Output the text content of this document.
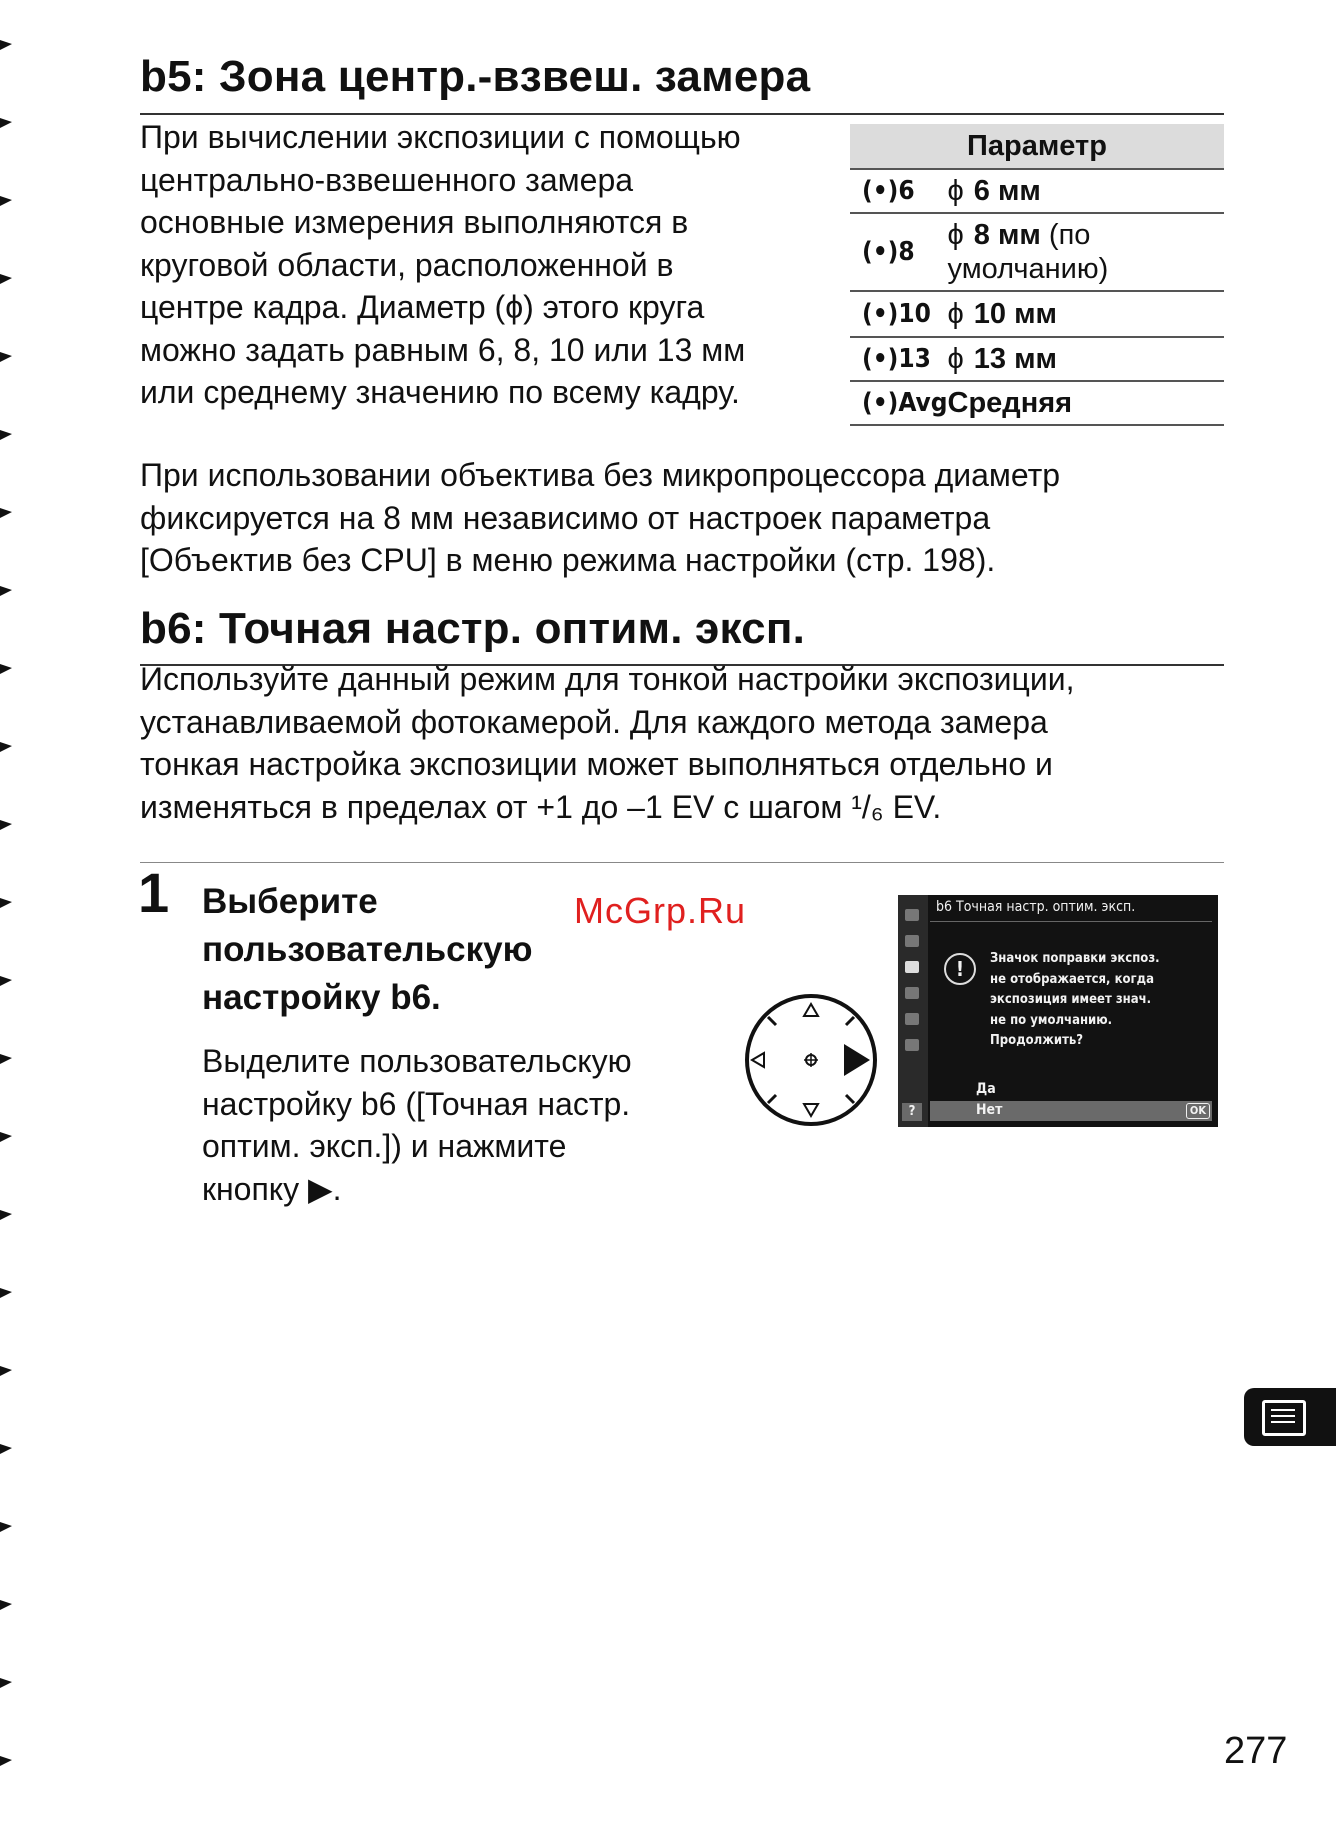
b5: Зона центр.-взвеш. замера
При вычислении экспозиции с помощью
центрально-взвешенного замера
основные измерения выполняются в
круговой области, расположенной в
центре кадра. Диаметр (ϕ) этого круга
можно задать равным 6, 8, 10 или 13 мм
или среднему значению по всему кадру.
Параметр	
(•)6	ϕ 6 мм
(•)8	ϕ 8 мм (по умолчанию)
(•)10	ϕ 10 мм
(•)13	ϕ 13 мм
(•)Avg	Средняя
При использовании объектива без микропроцессора диаметр
фиксируется на 8 мм независимо от настроек параметра
[Объектив без CPU] в меню режима настройки (стр. 198).
b6: Точная настр. оптим. эксп.
Используйте данный режим для тонкой настройки экспозиции,
устанавливаемой фотокамерой. Для каждого метода замера
тонкая настройка экспозиции может выполняться отдельно и
изменяться в пределах от +1 до –1 EV с шагом ¹/₆ EV.
1 Выберите
пользовательскую
настройку b6.
McGrp.Ru
Выделите пользовательскую
настройку b6 ([Точная настр.
оптим. эксп.]) и нажмите
кнопку ▶.
b6 Точная настр. оптим. эксп.
!	Значок поправки экспоз.
не отображается, когда
экспозиция имеет знач.
не по умолчанию.
Продолжить?
Да
Нет	OK
?
277
